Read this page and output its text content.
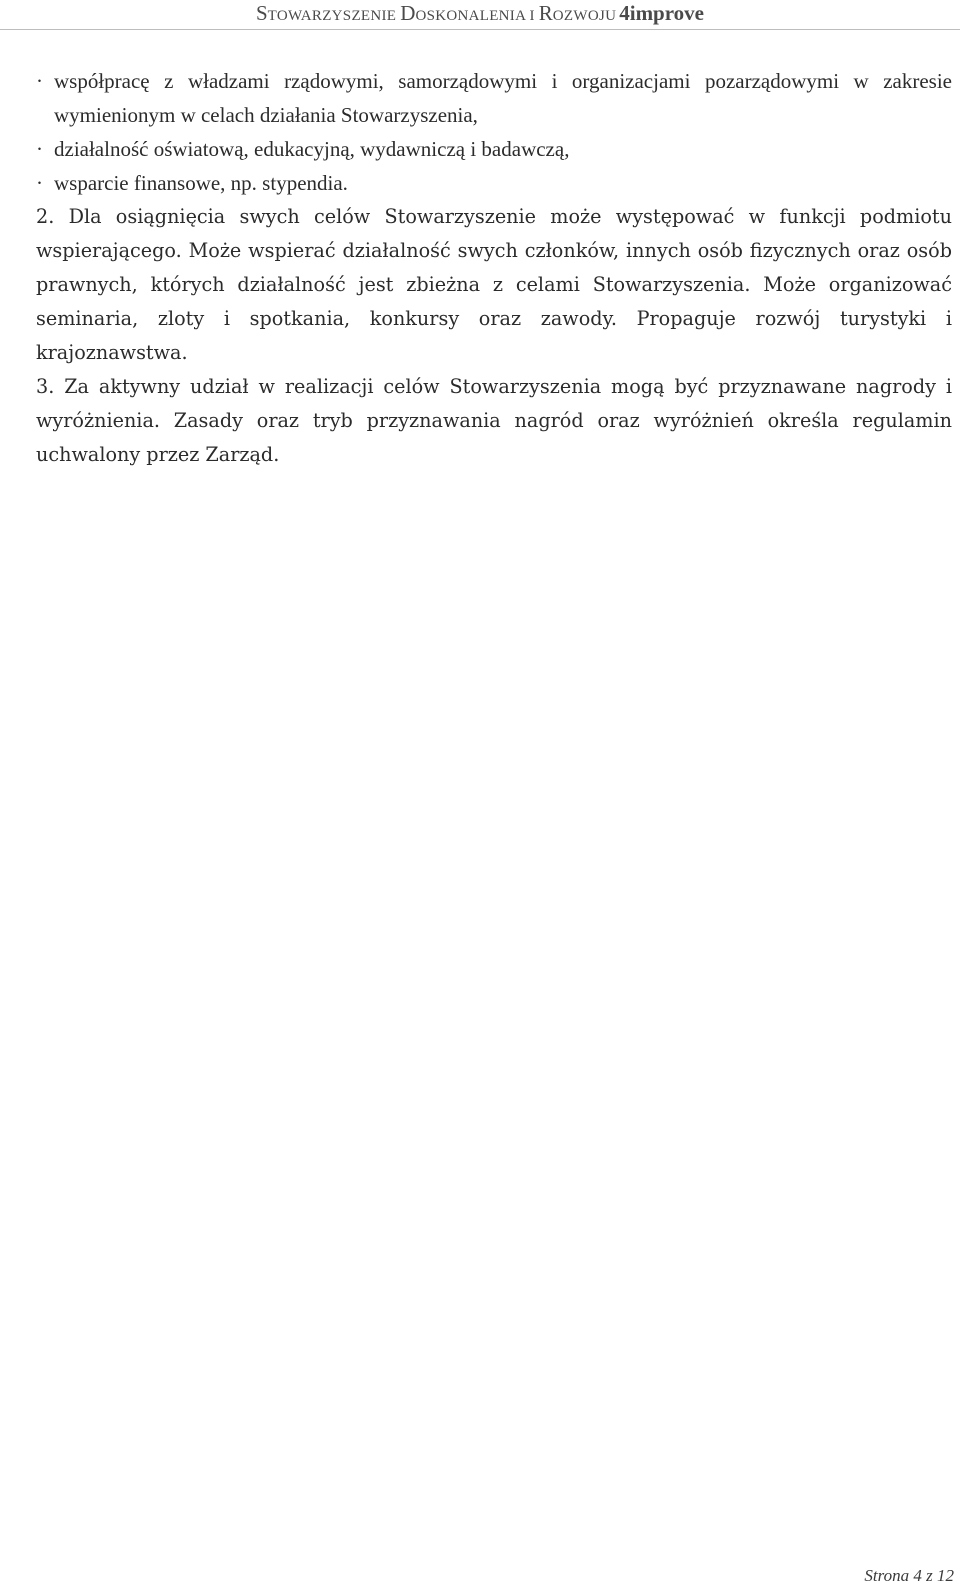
STOWARZYSZENIE DOSKONALENIA I ROZWOJU 4improve

· współpracę z władzami rządowymi, samorządowymi i organizacjami pozarządowymi w zakresie wymienionym w celach działania Stowarzyszenia,

· działalność oświatową, edukacyjną, wydawniczą i badawczą,

· wsparcie finansowe, np. stypendia.

2. Dla osiągnięcia swych celów Stowarzyszenie może występować w funkcji podmiotu wspierającego. Może wspierać działalność swych członków, innych osób fizycznych oraz osób prawnych, których działalność jest zbieżna z celami Stowarzyszenia. Może organizować seminaria, zloty i spotkania, konkursy oraz zawody. Propaguje rozwój turystyki i krajoznawstwa.

3. Za aktywny udział w realizacji celów Stowarzyszenia mogą być przyznawane nagrody i wyróżnienia. Zasady oraz tryb przyznawania nagród oraz wyróżnień określa regulamin uchwalony przez Zarząd.

Strona 4 z 12
